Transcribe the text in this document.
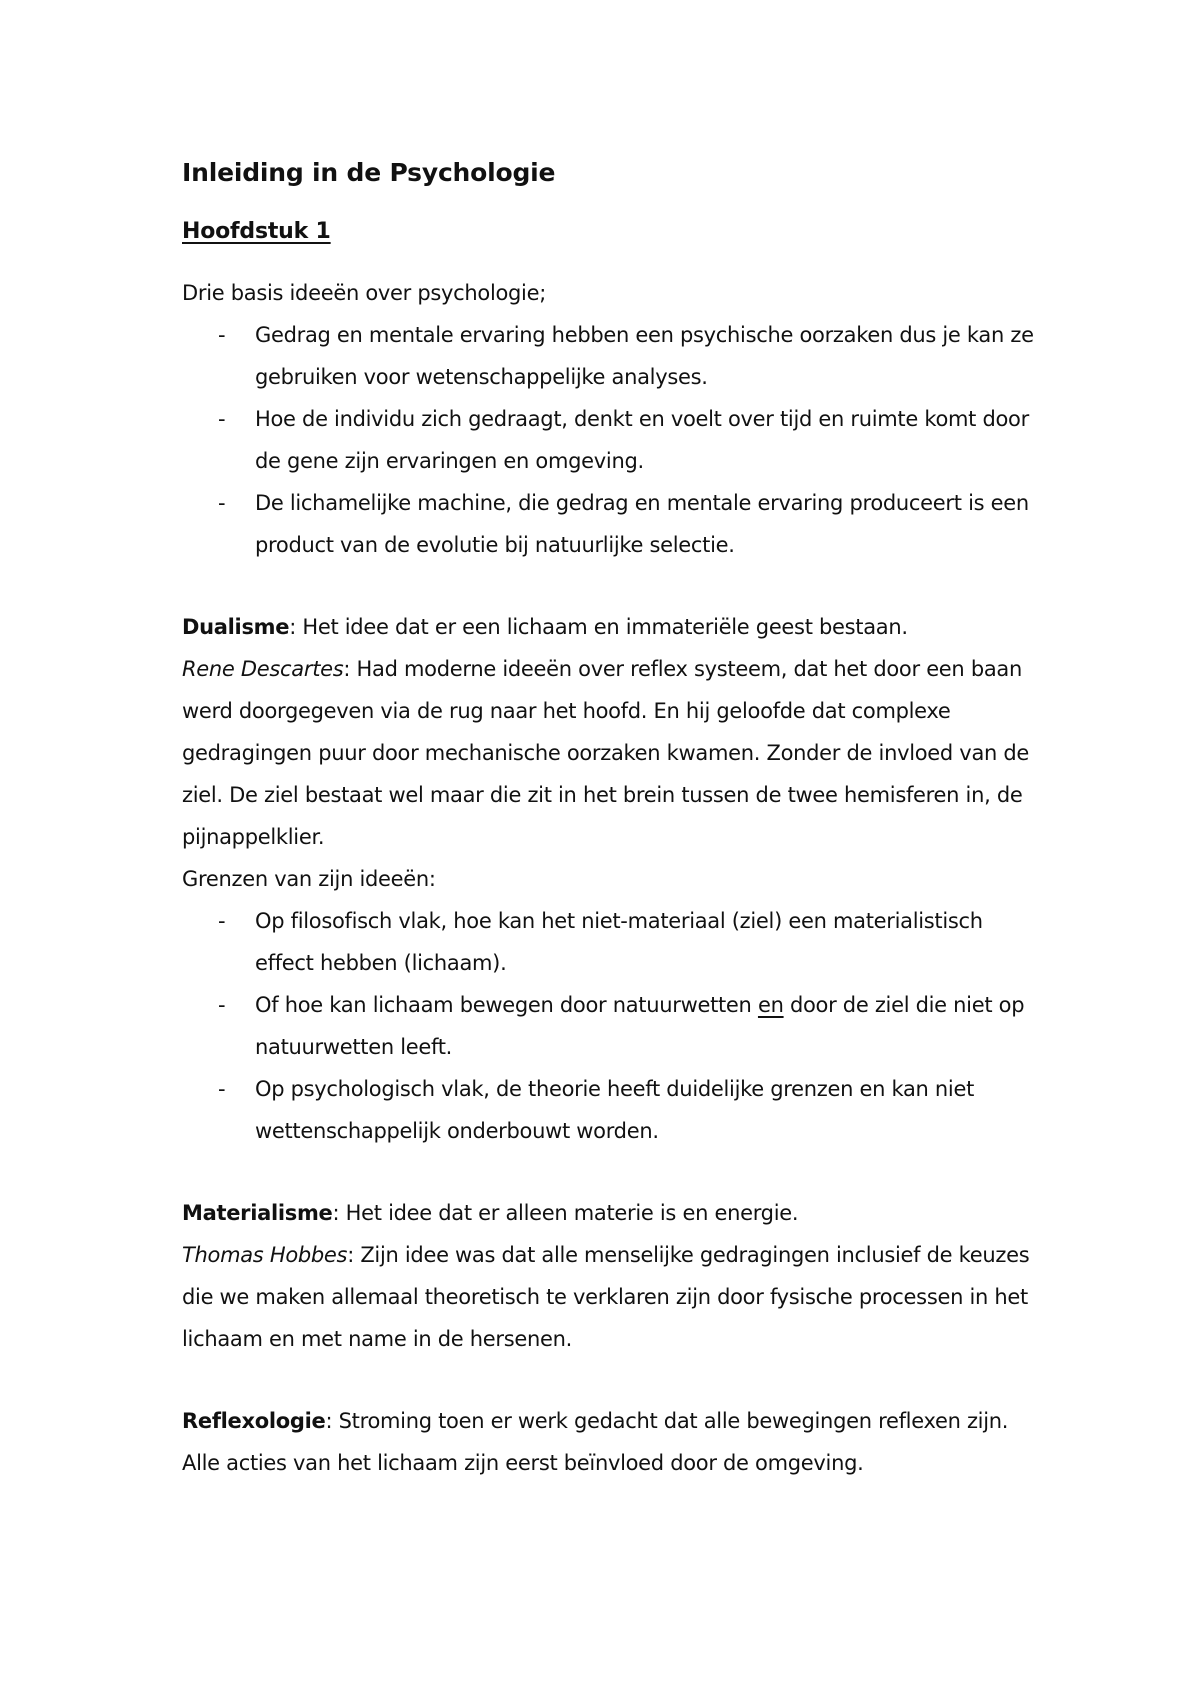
Inleiding in de Psychologie
Hoofdstuk 1

Drie basis ideeën over psychologie;

- Gedrag en mentale ervaring hebben een psychische oorzaken dus je kan ze gebruiken voor wetenschappelijke analyses.
- Hoe de individu zich gedraagt, denkt en voelt over tijd en ruimte komt door de gene zijn ervaringen en omgeving.
- De lichamelijke machine, die gedrag en mentale ervaring produceert is een product van de evolutie bij natuurlijke selectie.

Dualisme: Het idee dat er een lichaam en immateriële geest bestaan.

Rene Descartes: Had moderne ideeën over reflex systeem, dat het door een baan werd doorgegeven via de rug naar het hoofd. En hij geloofde dat complexe gedragingen puur door mechanische oorzaken kwamen. Zonder de invloed van de ziel. De ziel bestaat wel maar die zit in het brein tussen de twee hemisferen in, de pijnappelklier.

Grenzen van zijn ideeën:

- Op filosofisch vlak, hoe kan het niet-materiaal (ziel) een materialistisch effect hebben (lichaam).
- Of hoe kan lichaam bewegen door natuurwetten en door de ziel die niet op natuurwetten leeft.
- Op psychologisch vlak, de theorie heeft duidelijke grenzen en kan niet wettenschappelijk onderbouwt worden.

Materialisme: Het idee dat er alleen materie is en energie.

Thomas Hobbes: Zijn idee was dat alle menselijke gedragingen inclusief de keuzes die we maken allemaal theoretisch te verklaren zijn door fysische processen in het lichaam en met name in de hersenen.

Reflexologie: Stroming toen er werk gedacht dat alle bewegingen reflexen zijn. Alle acties van het lichaam zijn eerst beïnvloed door de omgeving.
